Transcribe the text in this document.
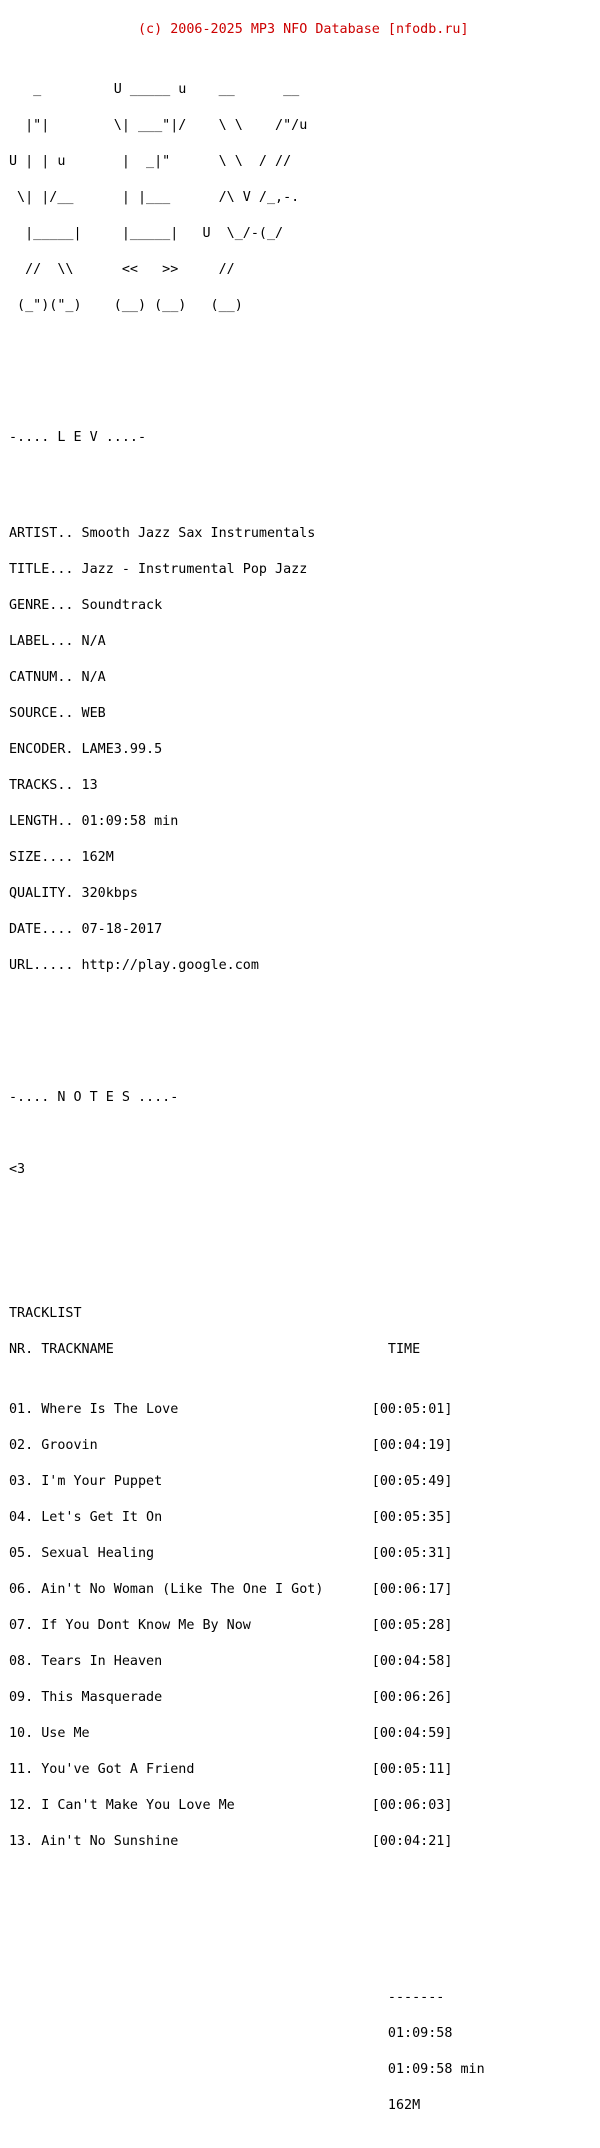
(c) 2006-2025 MP3 NFO Database [nfodb.ru]

_         U _____ u    __      __

|"|        \| ___"|/    \ \    /"/u

U | | u       |  _|"      \ \  / //

\| |/__      | |___      /\ V /_,-.

|_____|     |_____|   U  \_/-(_/

//  \\      <<   >>     //

(_")("_)    (__) (__)   (__)

-.... L E V ....-

ARTIST.. Smooth Jazz Sax Instrumentals

TITLE... Jazz - Instrumental Pop Jazz

GENRE... Soundtrack

LABEL... N/A

CATNUM.. N/A

SOURCE.. WEB

ENCODER. LAME3.99.5

TRACKS.. 13

LENGTH.. 01:09:58 min

SIZE.... 162M

QUALITY. 320kbps

DATE.... 07-18-2017

URL..... http://play.google.com

-.... N O T E S ....-

<3

TRACKLIST

NR. TRACKNAME                                  TIME

01. Where Is The Love                        [00:05:01]

02. Groovin                                  [00:04:19]

03. I'm Your Puppet                          [00:05:49]

04. Let's Get It On                          [00:05:35]

05. Sexual Healing                           [00:05:31]

06. Ain't No Woman (Like The One I Got)      [00:06:17]

07. If You Dont Know Me By Now               [00:05:28]

08. Tears In Heaven                          [00:04:58]

09. This Masquerade                          [00:06:26]

10. Use Me                                   [00:04:59]

11. You've Got A Friend                      [00:05:11]

12. I Can't Make You Love Me                 [00:06:03]

13. Ain't No Sunshine                        [00:04:21]

-------

01:09:58

01:09:58 min

162M
